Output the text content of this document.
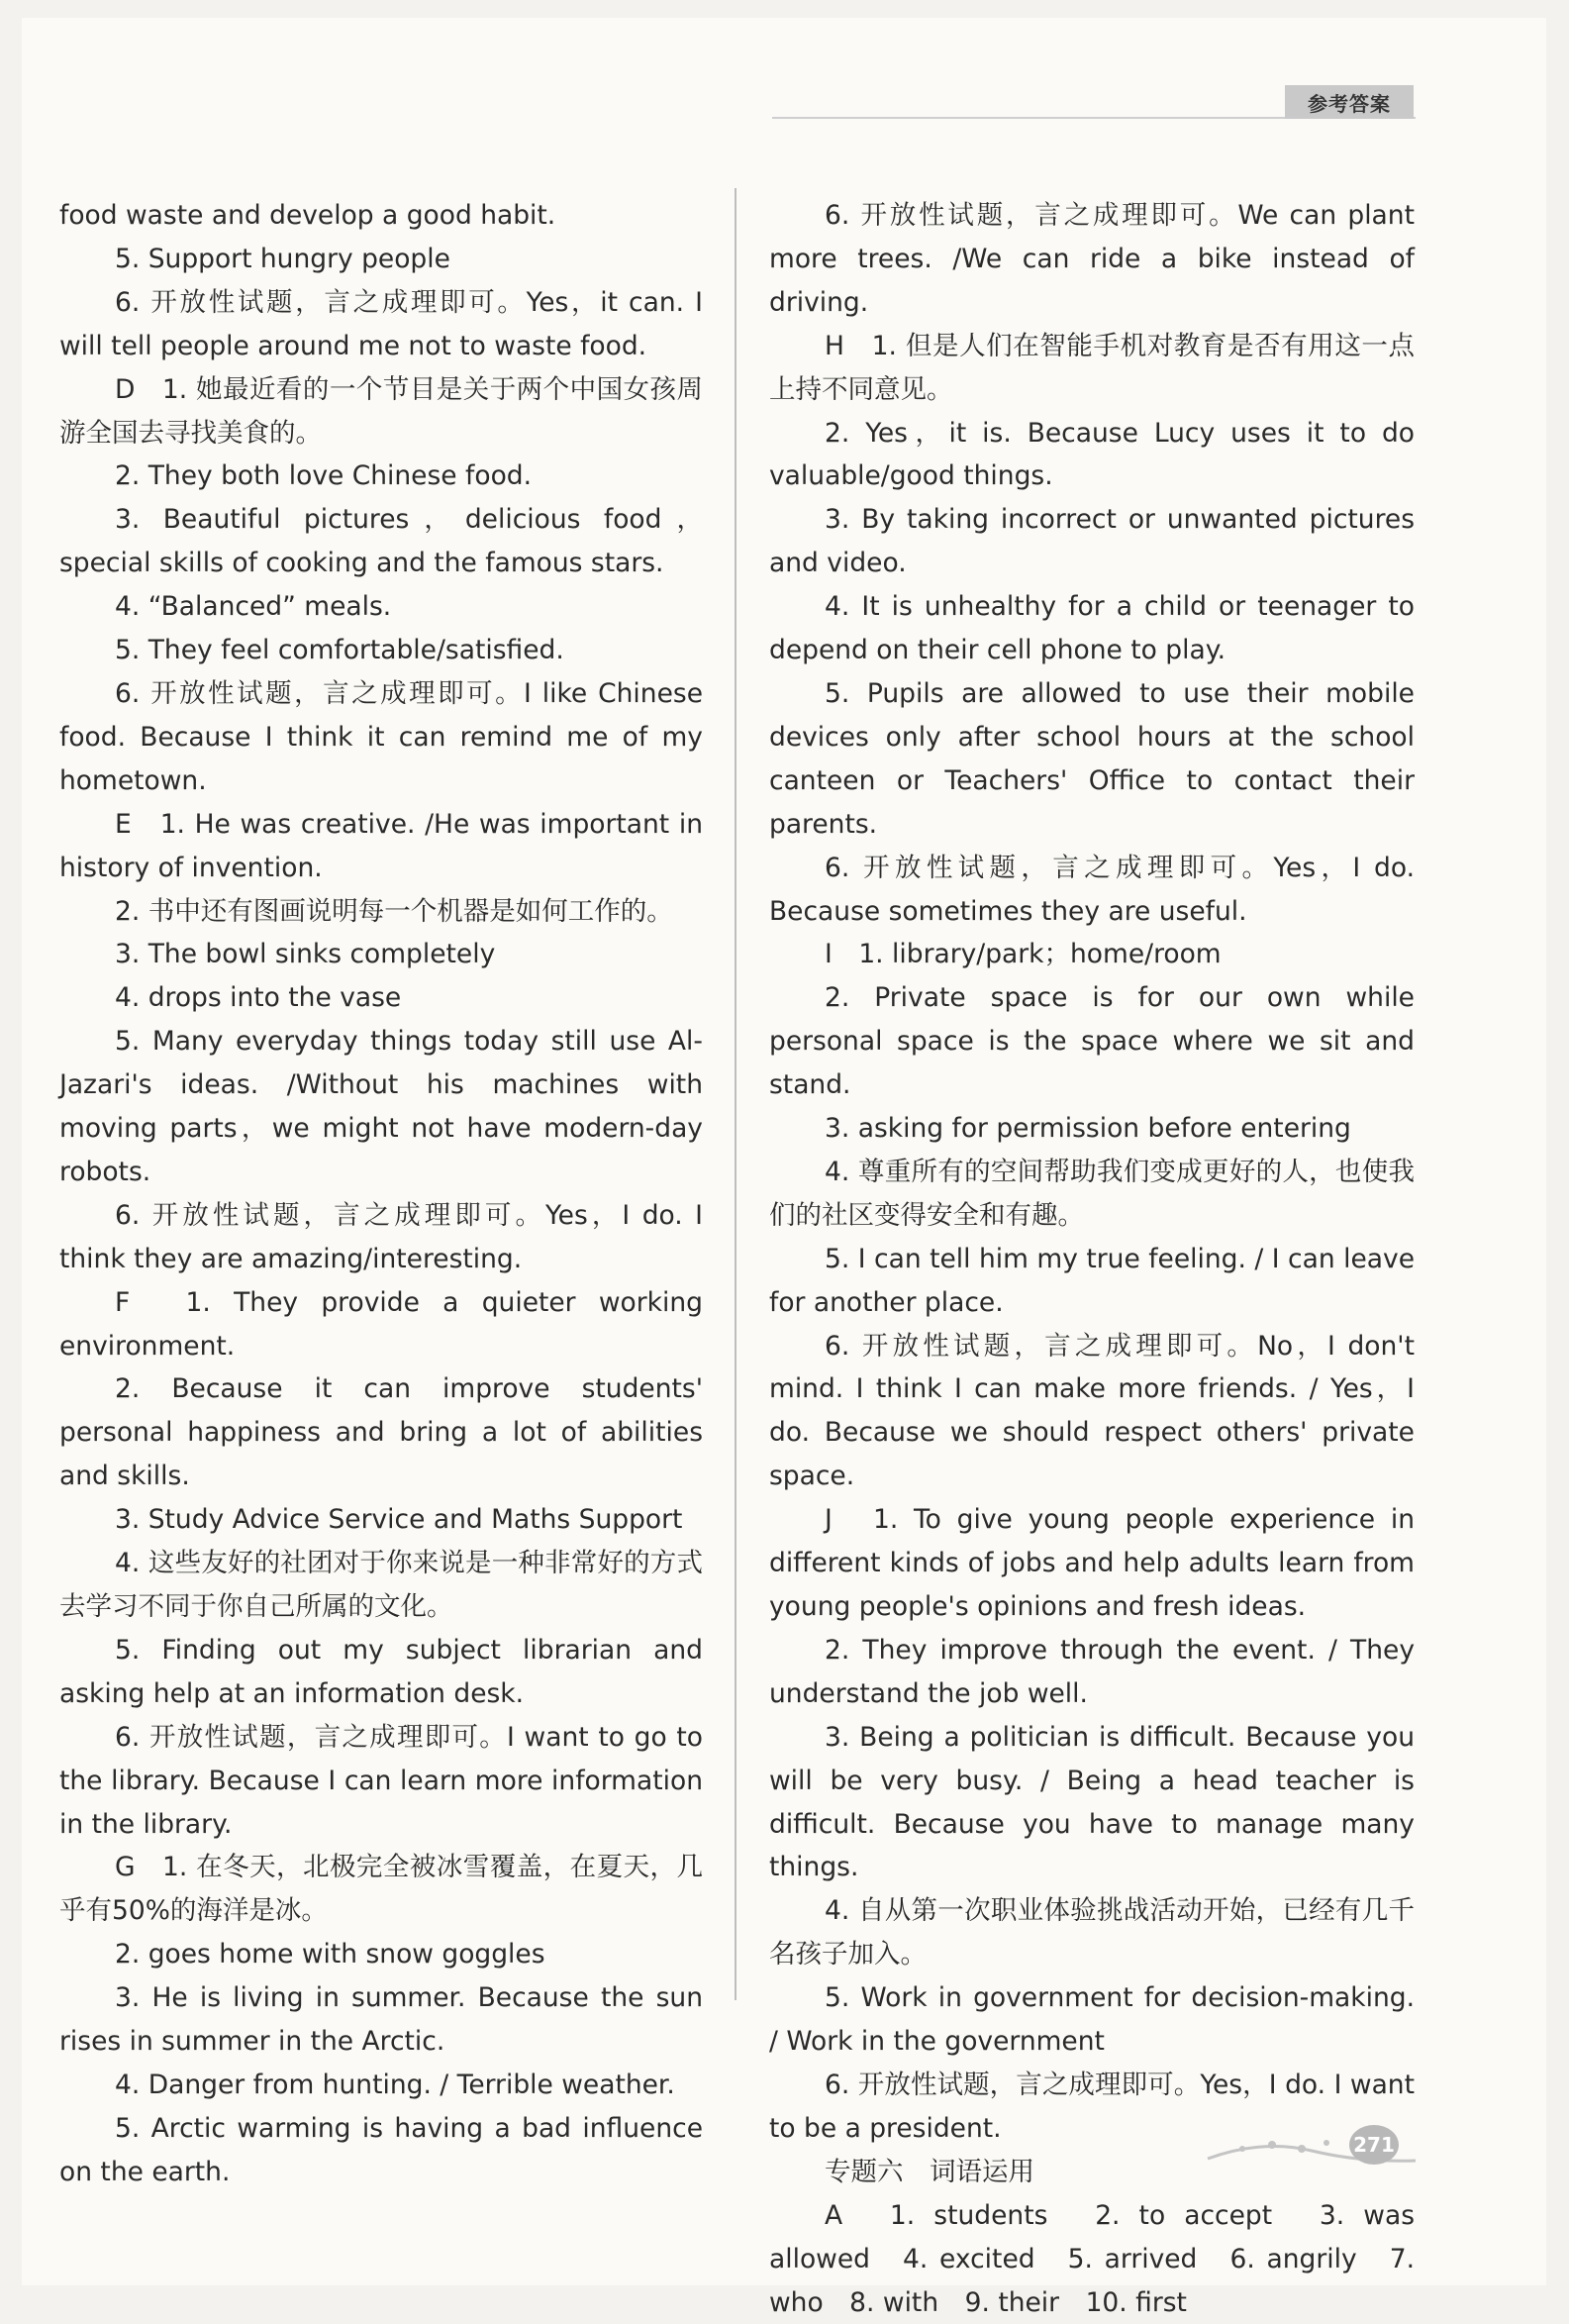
参考答案

food waste and develop a good habit.

5. Support hungry people

6. 开放性试题，言之成理即可。Yes，it can. I will tell people around me not to waste food.

D　1. 她最近看的一个节目是关于两个中国女孩周游全国去寻找美食的。

2. They both love Chinese food.

3. Beautiful pictures，delicious food，special skills of cooking and the famous stars.

4. “Balanced” meals.

5. They feel comfortable/satisfied.

6. 开放性试题，言之成理即可。I like Chinese food. Because I think it can remind me of my hometown.

E　1. He was creative. /He was important in history of invention.

2. 书中还有图画说明每一个机器是如何工作的。

3. The bowl sinks completely

4. drops into the vase

5. Many everyday things today still use Al-Jazari's ideas. /Without his machines with moving parts，we might not have modern-day robots.

6. 开放性试题，言之成理即可。Yes，I do. I think they are amazing/interesting.

F　1. They provide a quieter working environment.

2. Because it can improve students' personal happiness and bring a lot of abilities and skills.

3. Study Advice Service and Maths Support

4. 这些友好的社团对于你来说是一种非常好的方式去学习不同于你自己所属的文化。

5. Finding out my subject librarian and asking help at an information desk.

6. 开放性试题，言之成理即可。I want to go to the library. Because I can learn more information in the library.

G　1. 在冬天，北极完全被冰雪覆盖，在夏天，几乎有50%的海洋是冰。

2. goes home with snow goggles

3. He is living in summer. Because the sun rises in summer in the Arctic.

4. Danger from hunting. / Terrible weather.

5. Arctic warming is having a bad influence on the earth.

6. 开放性试题，言之成理即可。We can plant more trees. /We can ride a bike instead of driving.

H　1. 但是人们在智能手机对教育是否有用这一点上持不同意见。

2. Yes，it is. Because Lucy uses it to do valuable/good things.

3. By taking incorrect or unwanted pictures and video.

4. It is unhealthy for a child or teenager to depend on their cell phone to play.

5. Pupils are allowed to use their mobile devices only after school hours at the school canteen or Teachers' Office to contact their parents.

6. 开放性试题，言之成理即可。Yes，I do. Because sometimes they are useful.

I　1. library/park；home/room

2. Private space is for our own while personal space is the space where we sit and stand.

3. asking for permission before entering

4. 尊重所有的空间帮助我们变成更好的人，也使我们的社区变得安全和有趣。

5. I can tell him my true feeling. / I can leave for another place.

6. 开放性试题，言之成理即可。No，I don't mind. I think I can make more friends. / Yes，I do. Because we should respect others' private space.

J　1. To give young people experience in different kinds of jobs and help adults learn from young people's opinions and fresh ideas.

2. They improve through the event. / They understand the job well.

3. Being a politician is difficult. Because you will be very busy. / Being a head teacher is difficult. Because you have to manage many things.

4. 自从第一次职业体验挑战活动开始，已经有几千名孩子加入。

5. Work in government for decision-making. / Work in the government

6. 开放性试题，言之成理即可。Yes，I do. I want to be a president.

专题六　词语运用

A　1. students　2. to accept　3. was allowed　4. excited　5. arrived　6. angrily　7. who　8. with　9. their　10. first

271
